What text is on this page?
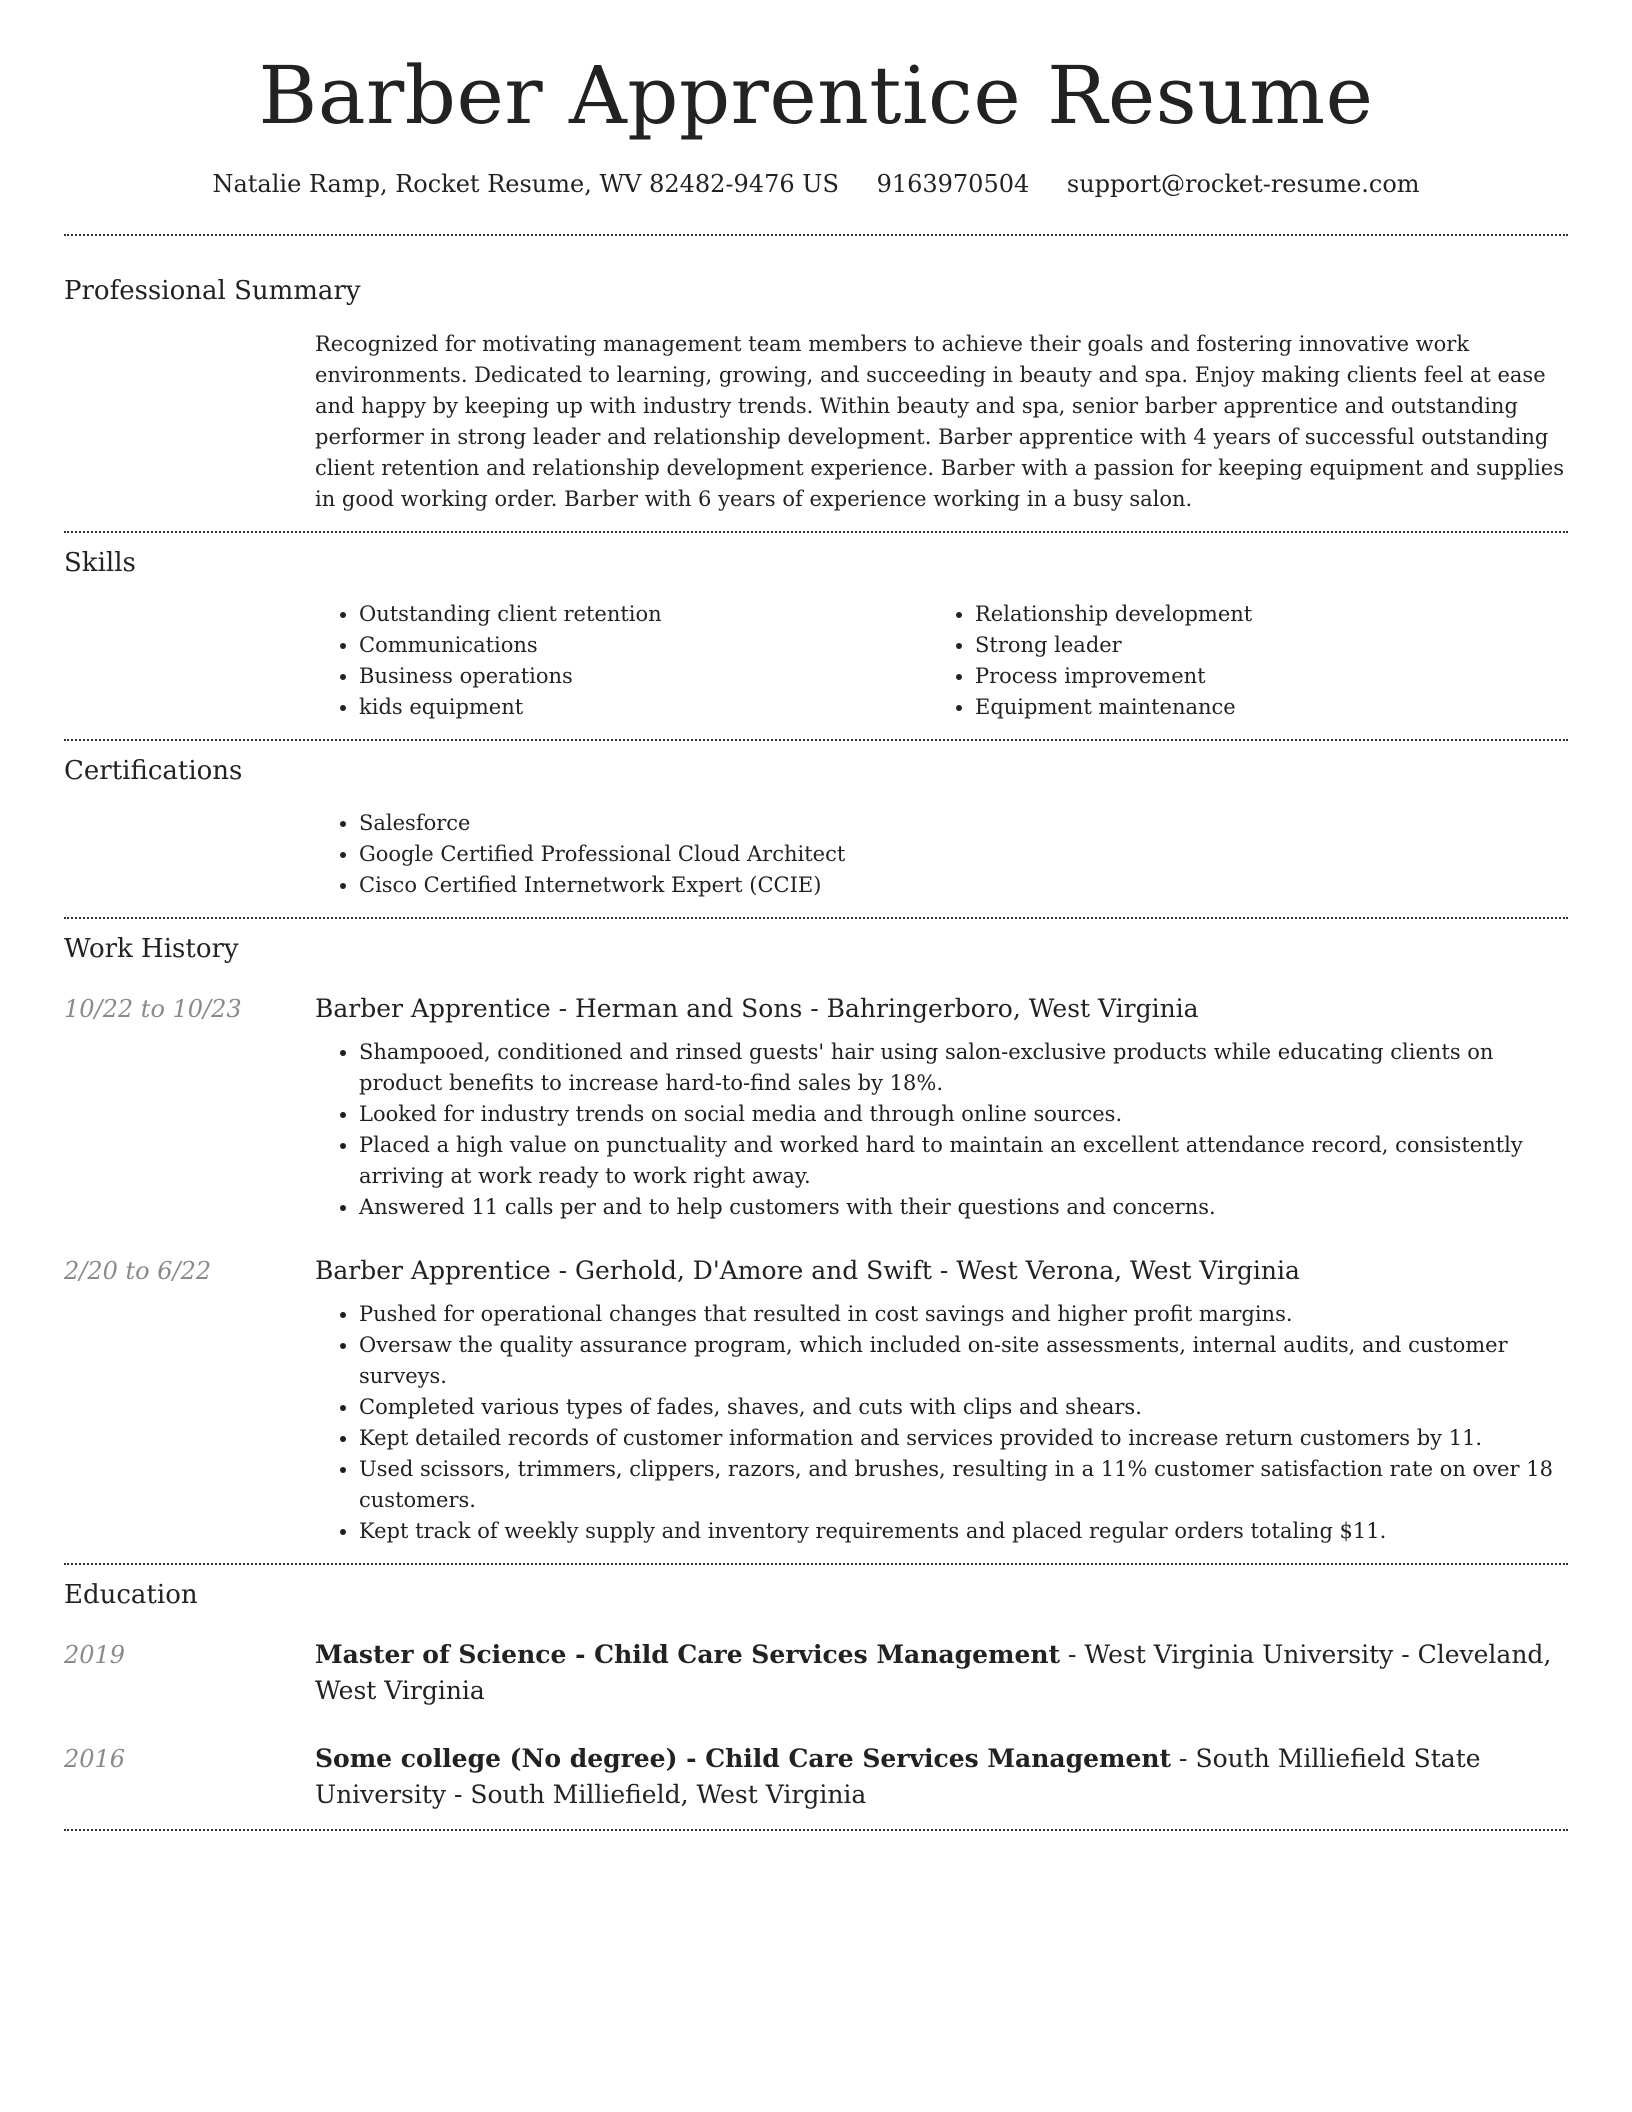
Barber Apprentice Resume
Natalie Ramp, Rocket Resume, WV 82482-9476 US 9163970504 support@rocket-resume.com
Professional Summary

Recognized for motivating management team members to achieve their goals and fostering innovative work environments. Dedicated to learning, growing, and succeeding in beauty and spa. Enjoy making clients feel at ease and happy by keeping up with industry trends. Within beauty and spa, senior barber apprentice and outstanding performer in strong leader and relationship development. Barber apprentice with 4 years of successful outstanding client retention and relationship development experience. Barber with a passion for keeping equipment and supplies in good working order. Barber with 6 years of experience working in a busy salon.

Skills
• Outstanding client retention
• Communications
• Business operations
• kids equipment
• Relationship development
• Strong leader
• Process improvement
• Equipment maintenance
Certifications
• Salesforce
• Google Certified Professional Cloud Architect
• Cisco Certified Internetwork Expert (CCIE)
Work History
10/22 to 10/23	Barber Apprentice - Herman and Sons - Bahringerboro, West Virginia
• Shampooed, conditioned and rinsed guests' hair using salon-exclusive products while educating clients on product benefits to increase hard-to-find sales by 18%.
• Looked for industry trends on social media and through online sources.
• Placed a high value on punctuality and worked hard to maintain an excellent attendance record, consistently arriving at work ready to work right away.
• Answered 11 calls per and to help customers with their questions and concerns.
2/20 to 6/22	Barber Apprentice - Gerhold, D'Amore and Swift - West Verona, West Virginia
• Pushed for operational changes that resulted in cost savings and higher profit margins.
• Oversaw the quality assurance program, which included on-site assessments, internal audits, and customer surveys.
• Completed various types of fades, shaves, and cuts with clips and shears.
• Kept detailed records of customer information and services provided to increase return customers by 11.
• Used scissors, trimmers, clippers, razors, and brushes, resulting in a 11% customer satisfaction rate on over 18 customers.
• Kept track of weekly supply and inventory requirements and placed regular orders totaling $11.
Education
2019	Master of Science - Child Care Services Management - West Virginia University - Cleveland, West Virginia
2016	Some college (No degree) - Child Care Services Management - South Milliefield State University - South Milliefield, West Virginia
